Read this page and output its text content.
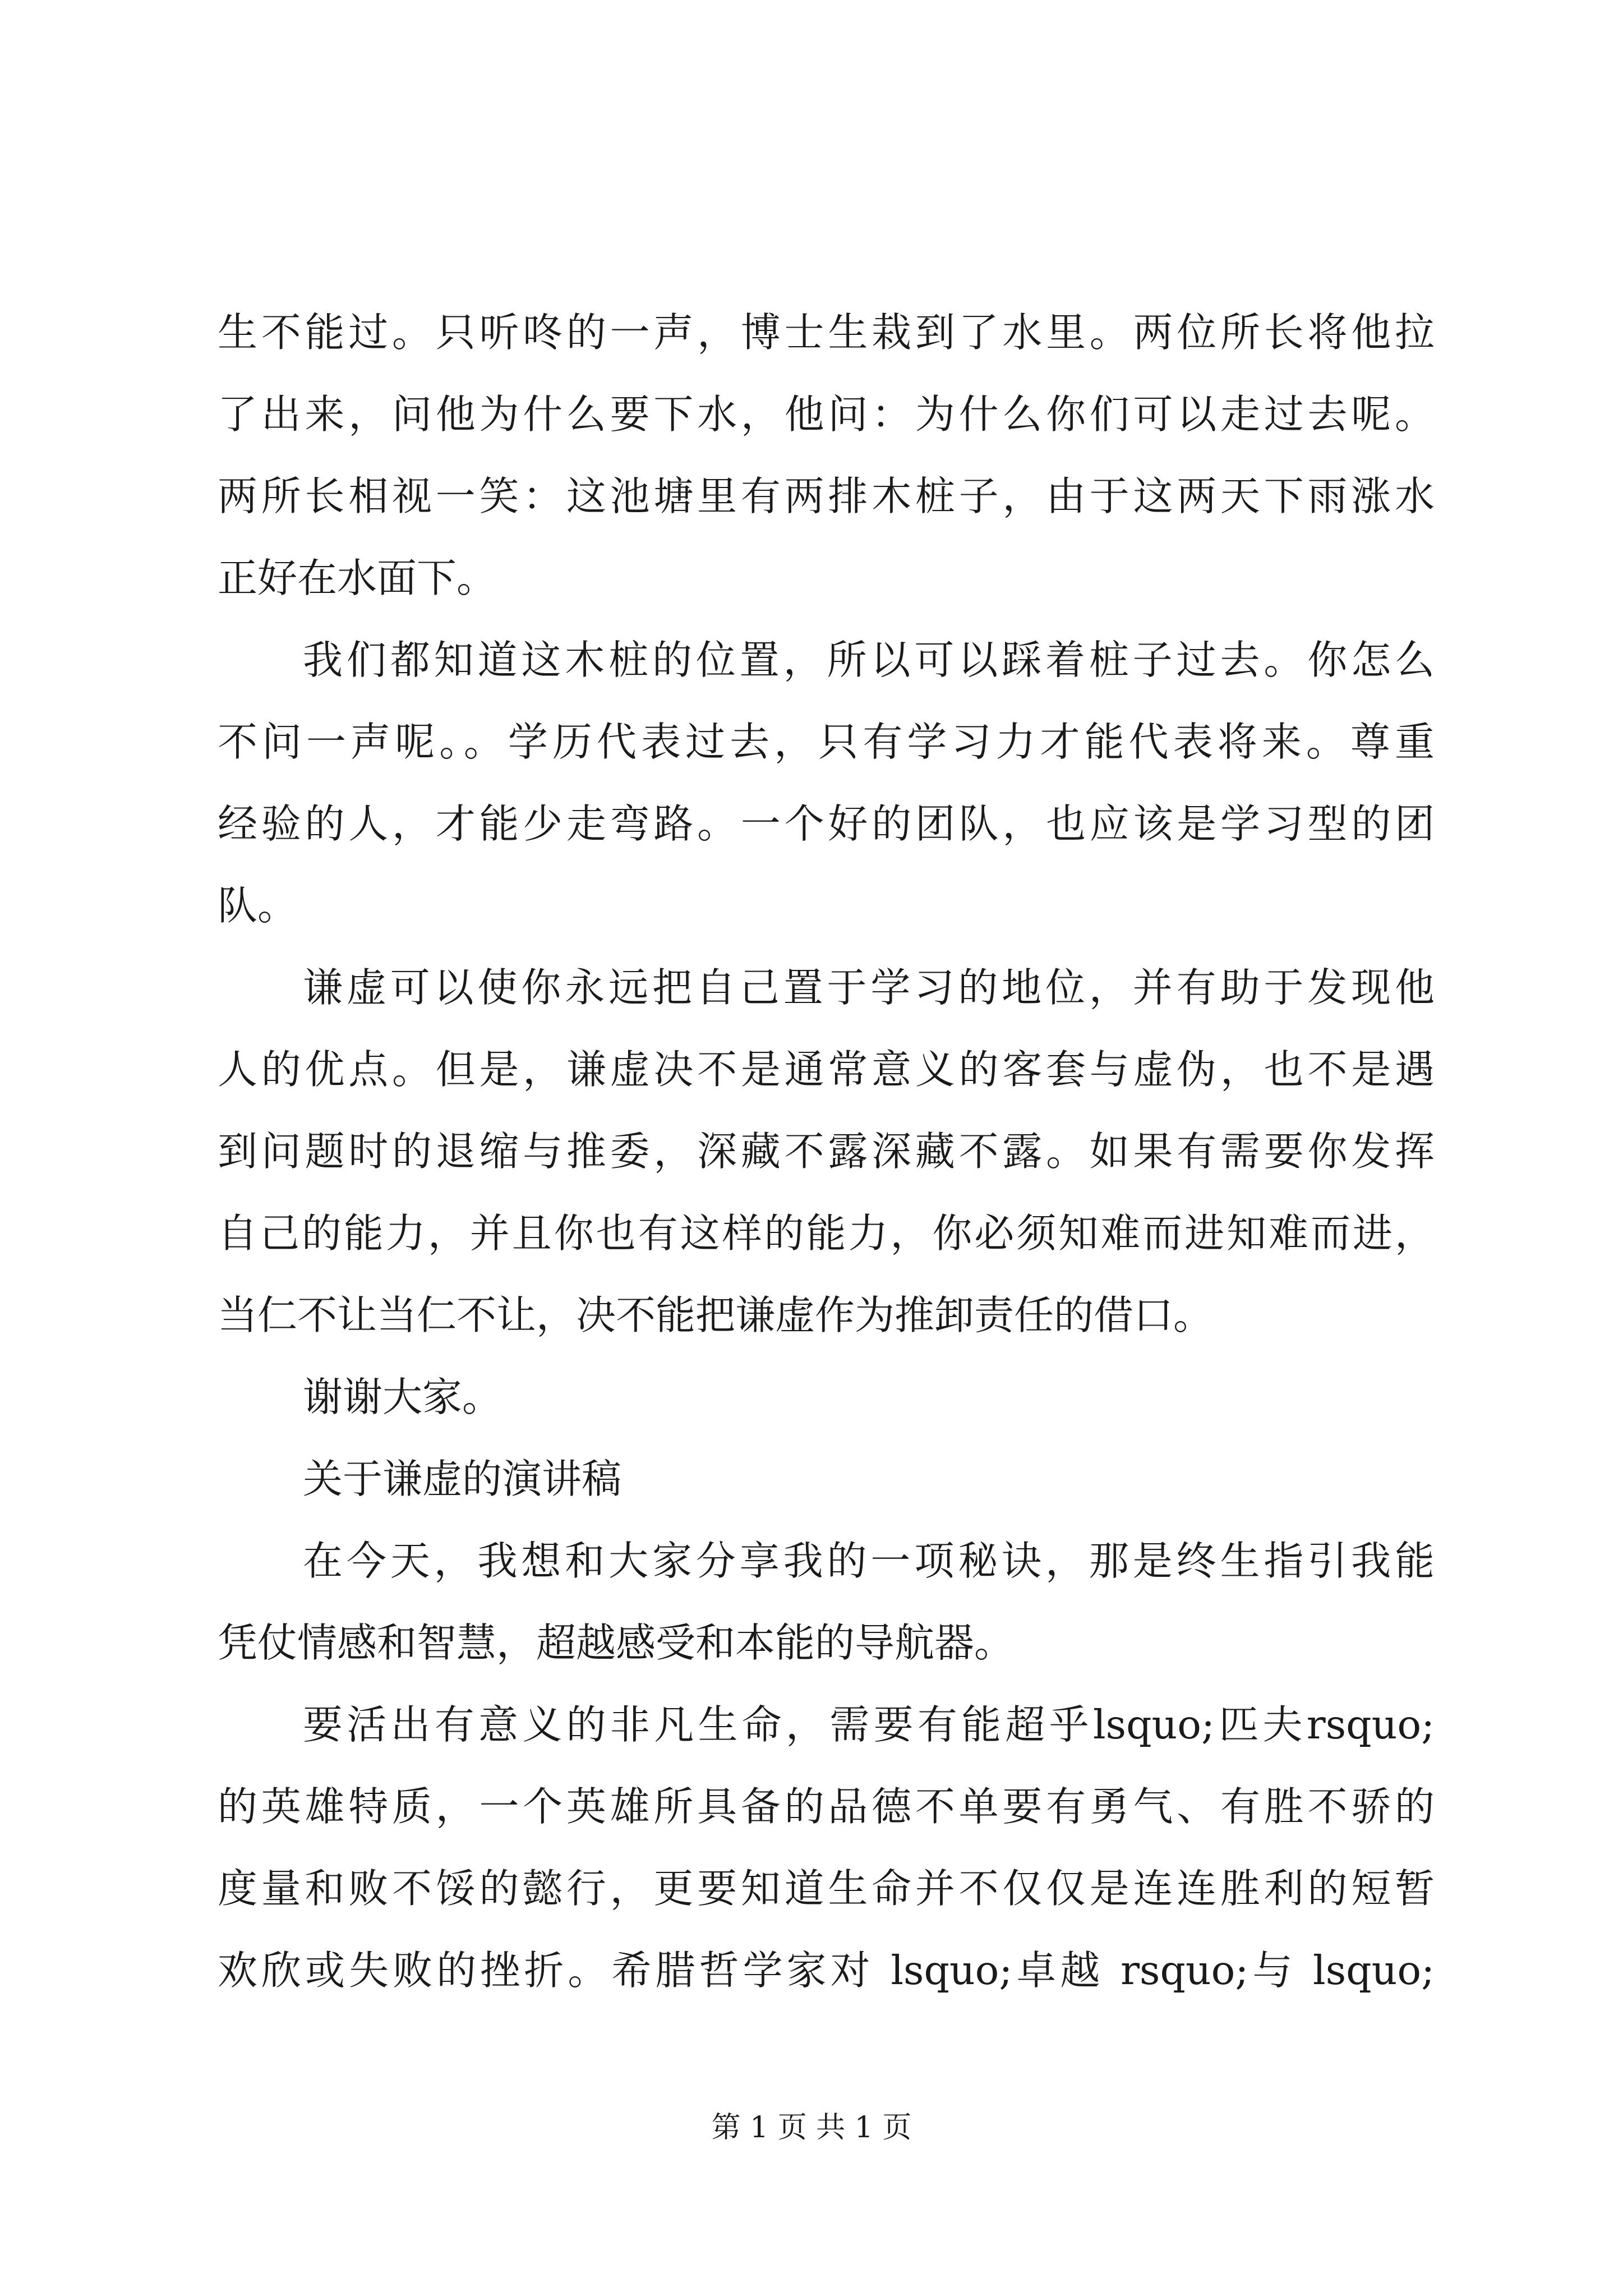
生不能过。只听咚的一声，博士生栽到了水里。两位所长将他拉
了出来，问他为什么要下水，他问：为什么你们可以走过去呢。
两所长相视一笑：这池塘里有两排木桩子，由于这两天下雨涨水
正好在水面下。
我们都知道这木桩的位置，所以可以踩着桩子过去。你怎么
不问一声呢。。学历代表过去，只有学习力才能代表将来。尊重
经验的人，才能少走弯路。一个好的团队，也应该是学习型的团
队。
谦虚可以使你永远把自己置于学习的地位，并有助于发现他
人的优点。但是，谦虚决不是通常意义的客套与虚伪，也不是遇
到问题时的退缩与推委，深藏不露深藏不露。如果有需要你发挥
自己的能力，并且你也有这样的能力，你必须知难而进知难而进，
当仁不让当仁不让，决不能把谦虚作为推卸责任的借口。
谢谢大家。
关于谦虚的演讲稿
在今天，我想和大家分享我的一项秘诀，那是终生指引我能
凭仗情感和智慧，超越感受和本能的导航器。
要活出有意义的非凡生命，需要有能超乎lsquo;匹夫rsquo;
的英雄特质，一个英雄所具备的品德不单要有勇气、有胜不骄的
度量和败不馁的懿行，更要知道生命并不仅仅是连连胜利的短暂
欢欣或失败的挫折。希腊哲学家对 lsquo;卓越 rsquo;与 lsquo;
第 1 页 共 1 页
